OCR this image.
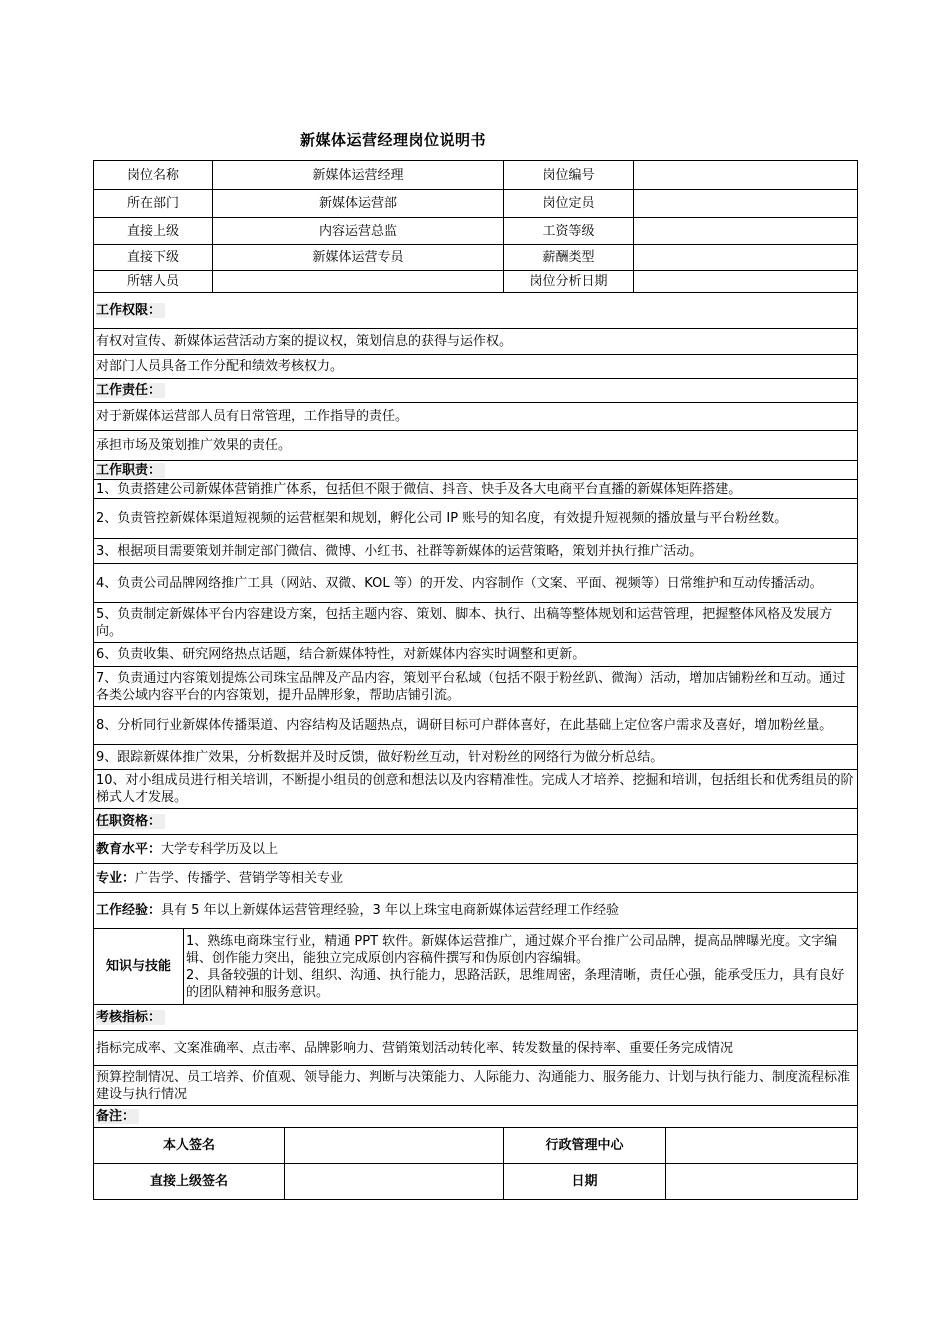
新媒体运营经理岗位说明书
岗位名称		新媒体运营经理		岗位编号		
所在部门		新媒体运营部		岗位定员		
直接上级		内容运营总监		工资等级		
直接下级		新媒体运营专员		薪酬类型		
所辖人员				岗位分析日期		
工作权限：						
有权对宣传、新媒体运营活动方案的提议权，策划信息的获得与运作权。						
对部门人员具备工作分配和绩效考核权力。						
工作责任：						
对于新媒体运营部人员有日常管理，工作指导的责任。						
承担市场及策划推广效果的责任。						
工作职责：						
1、负责搭建公司新媒体营销推广体系，包括但不限于微信、抖音、快手及各大电商平台直播的新媒体矩阵搭建。						
2、负责管控新媒体渠道短视频的运营框架和规划，孵化公司 IP 账号的知名度，有效提升短视频的播放量与平台粉丝数。						
3、根据项目需要策划并制定部门微信、微博、小红书、社群等新媒体的运营策略，策划并执行推广活动。						
4、负责公司品牌网络推广工具（网站、双微、KOL 等）的开发、内容制作（文案、平面、视频等）日常维护和互动传播活动。						
5、负责制定新媒体平台内容建设方案，包括主题内容、策划、脚本、执行、出稿等整体规划和运营管理，把握整体风格及发展方向。						
6、负责收集、研究网络热点话题，结合新媒体特性，对新媒体内容实时调整和更新。						
7、负责通过内容策划提炼公司珠宝品牌及产品内容，策划平台私域（包括不限于粉丝趴、微淘）活动，增加店铺粉丝和互动。通过各类公域内容平台的内容策划，提升品牌形象，帮助店铺引流。						
8、分析同行业新媒体传播渠道、内容结构及话题热点，调研目标可户群体喜好，在此基础上定位客户需求及喜好，增加粉丝量。						
9、跟踪新媒体推广效果，分析数据并及时反馈，做好粉丝互动，针对粉丝的网络行为做分析总结。						
10、对小组成员进行相关培训，不断提小组员的创意和想法以及内容精准性。完成人才培养、挖掘和培训，包括组长和优秀组员的阶梯式人才发展。						
任职资格：						
教育水平：大学专科学历及以上						
专业：广告学、传播学、营销学等相关专业						
工作经验：具有 5 年以上新媒体运营管理经验，3 年以上珠宝电商新媒体运营经理工作经验						
知识与技能	1、熟练电商珠宝行业，精通 PPT 软件。新媒体运营推广，通过媒介平台推广公司品牌，提高品牌曝光度。文字编辑、创作能力突出，能独立完成原创内容稿件撰写和伪原创内容编辑。
2、具备较强的计划、组织、沟通、执行能力，思路活跃，思维周密，条理清晰，责任心强，能承受压力，具有良好的团队精神和服务意识。					

考核指标：						
指标完成率、文案准确率、点击率、品牌影响力、营销策划活动转化率、转发数量的保持率、重要任务完成情况						
预算控制情况、员工培养、价值观、领导能力、判断与决策能力、人际能力、沟通能力、服务能力、计划与执行能力、制度流程标准建设与执行情况						
备注：						
本人签名				行政管理中心		
直接上级签名				日期		
